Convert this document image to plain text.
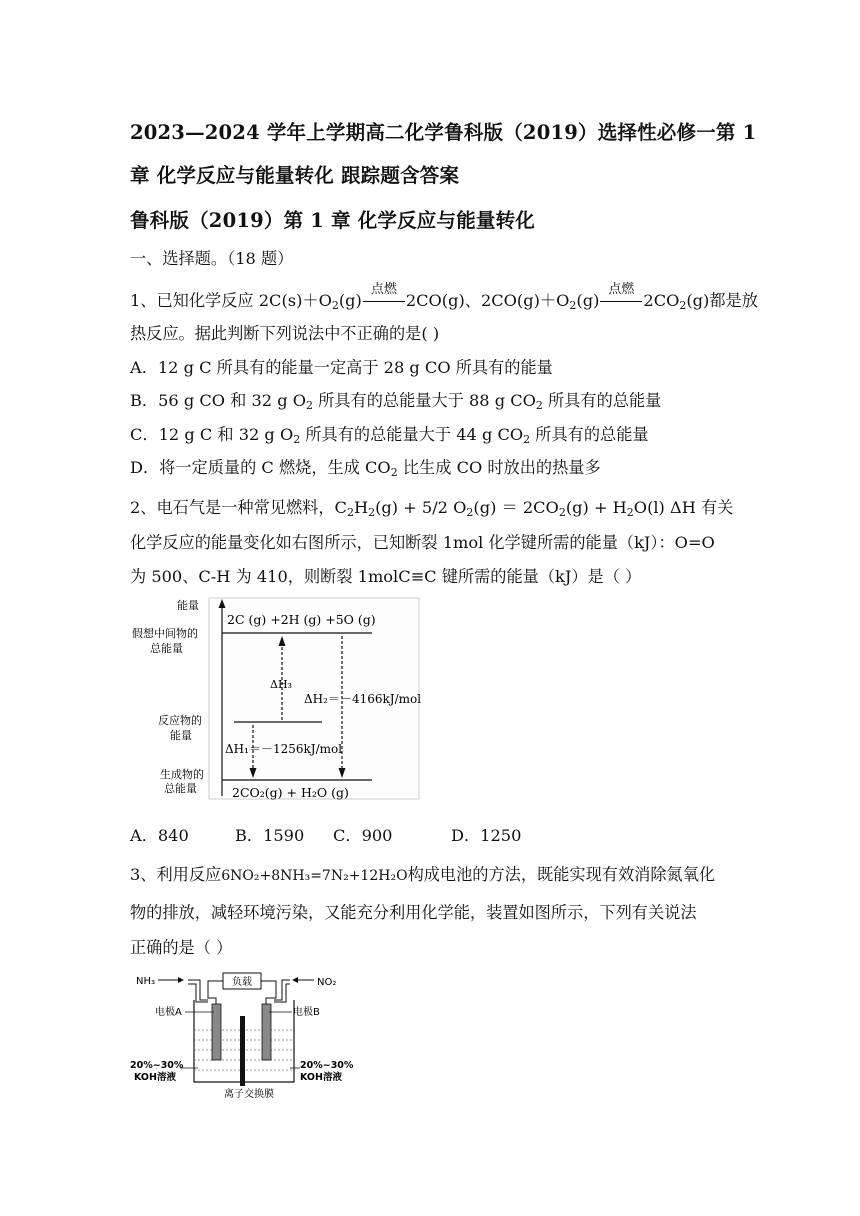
2023—2024 学年上学期高二化学鲁科版（2019）选择性必修一第 1
章 化学反应与能量转化 跟踪题含答案
鲁科版（2019）第 1 章 化学反应与能量转化
一、选择题。（18 题）
1、已知化学反应 $2C(s)+O_2(g)$
点燃
2CO(g)、$2CO(g)+O_2(g)$
点燃
$2CO_2(g)$都是放
热反应。据此判断下列说法中不正确的是( )
A．12 g C 所具有的能量一定高于 28 g CO 所具有的能量
B．56 g CO 和 32 g $O_2$ 所具有的总能量大于 88 g $CO_2$ 所具有的总能量
C．12 g C 和 32 g $O_2$ 所具有的总能量大于 44 g $CO_2$ 所具有的总能量
D．将一定质量的 C 燃烧，生成 $CO_2$ 比生成 CO 时放出的热量多
2、电石气是一种常见燃料，$C_2H_2(g) + 5/2$ $O_2(g) = 2CO_2(g) + H_2O(l)$ ΔH 有关
化学反应的能量变化如右图所示，已知断裂 1mol 化学键所需的能量（kJ）：O=O
为 500、C-H 为 410，则断裂 1molC≡C 键所需的能量（kJ）是（ ）
能量
假想中间物的
总能量
反应物的
能量
生成物的
总能量
2C (g) +2H (g) +5O (g)
2CO₂(g) + H₂O (g)
ΔH₃
ΔH₂＝－4166kJ/mol
ΔH₁＝－1256kJ/mol
A．840	B．1590 C．900	D．1250
3、利用反应6NO₂+8NH₃=7N₂+12H₂O构成电池的方法，既能实现有效消除氮氧化
物的排放，减轻环境污染，又能充分利用化学能，装置如图所示，下列有关说法
正确的是（ ）
NH₃	NO₂
负载
电极A	电极B
20%~30%
KOH溶液
20%~30%
KOH溶液
离子交换膜
